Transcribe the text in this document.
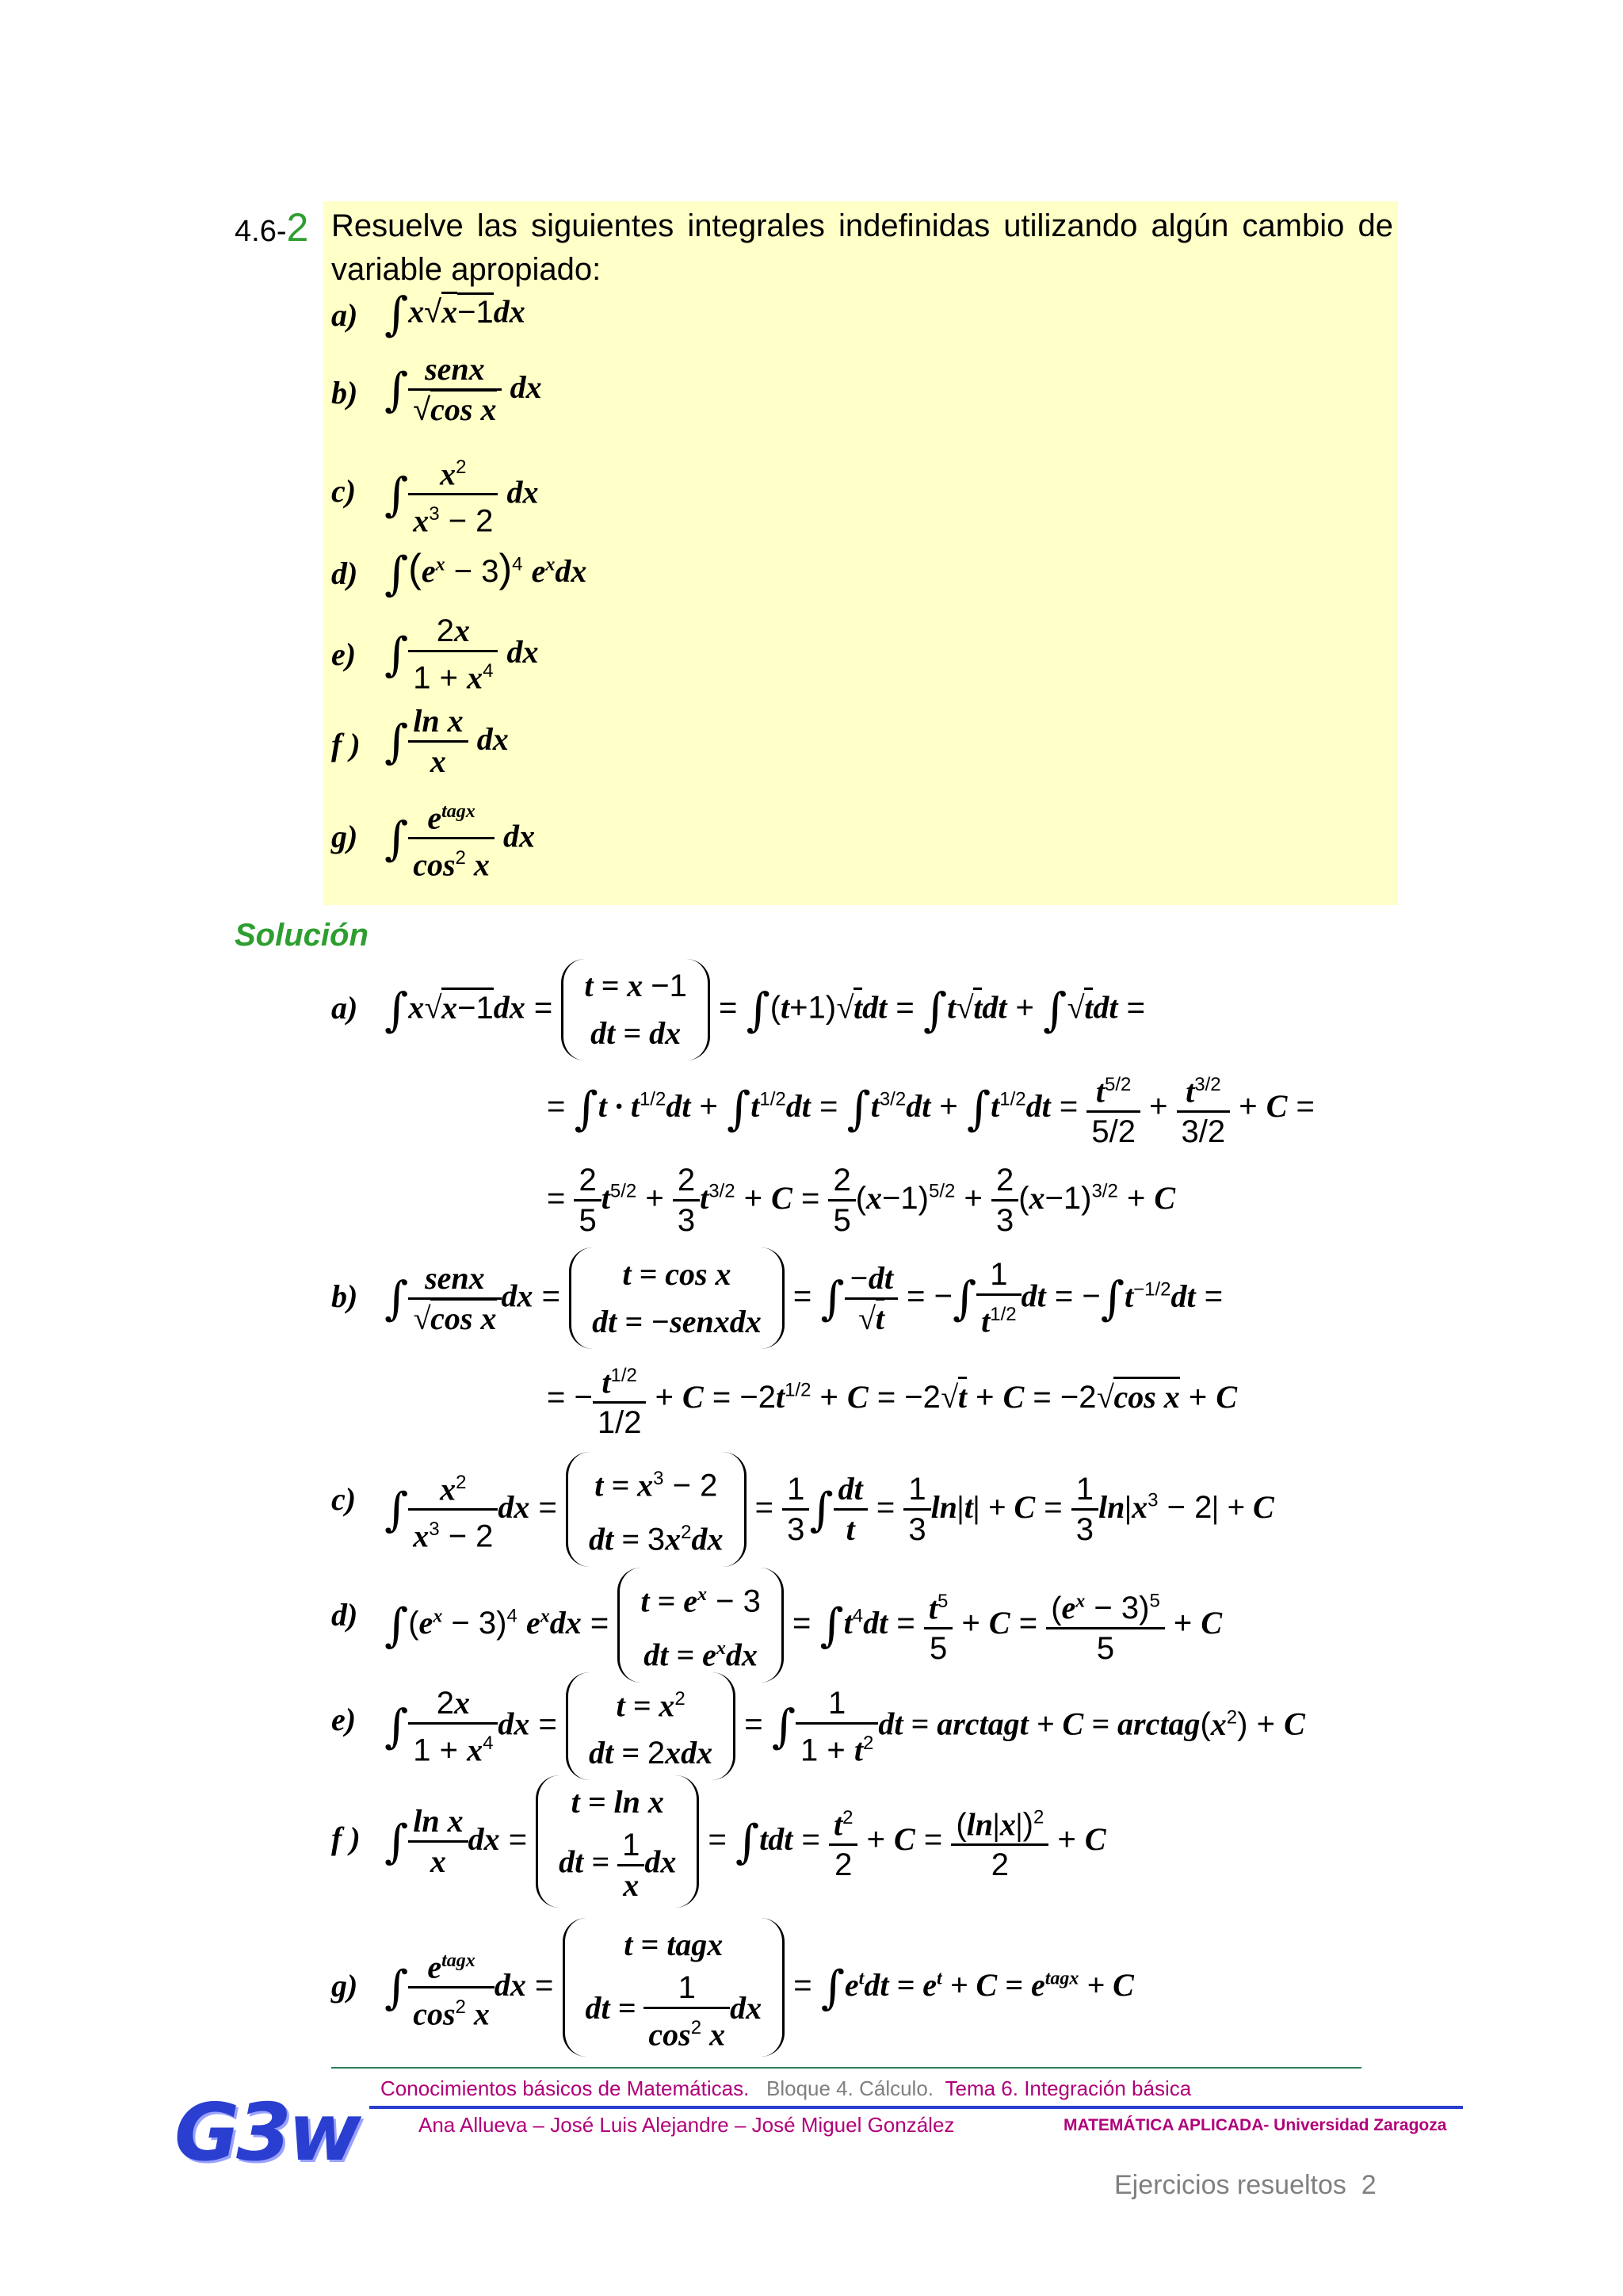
4.6-2 Resuelve las siguientes integrales indefinidas utilizando algún cambio de variable apropiado:
a) ∫x√x−1dx
b) ∫ $\frac{\text{senx}}{\text{√cos x}}$ dx
c) ∫ $\frac{x^2}{x^3 - 2}$ dx
d) $\int(e^x - 3)^4$ $e^xdx$
e) ∫ $\frac{2x}{1 + x^4}$ dx
f ) ∫ $\frac{\text{ln x}}{x}$ dx
g) ∫ $\frac{e^{tagx}}{\cos^2 x}$ dx
Solución
a) ∫x√x−1dx =
t = x −1
dt = dx
= ∫(t+1)√tdt = ∫t√tdt + ∫√tdt =
= $\int t \cdot t^{1/2}dt + \int t^{1/2}dt = \int t^{3/2}dt + \int t^{1/2}dt = \frac{t^{5/2}}{5/2} + \frac{t^{3/2}}{3/2} + C$ =
= $\frac{2}{5} t^{5/2} + \frac{2}{3} t^{3/2} + C = \frac{2}{5} (x-1)^{5/2} + \frac{2}{3} (x-1)^{3/2} + C$
b) ∫ $\frac{\text{senx}}{\text{√cos x}}$ dx =
t = cos x
dt = −senxdx
= ∫ $\frac{-dt}{√t}$ = −∫ $\frac{1}{t^{1/2}}$ dt = $-\int t^{-1/2}dt$ =
= − $\frac{t^{1/2}}{1/2} + C = -2t^{1/2} + C = -2√t + C = -2√\cos$ x + C
c) ∫ $\frac{x^2}{x^3 - 2}$ dx =
$t = x^3 - 2$
dt = $3x^2dx$
= $\frac{1}{3}$ ∫ $\frac{dt}{t} = \frac{1}{3} \ln|t| + C = \frac{1}{3} \ln|x^3 - 2| + C$
d) $\int(e^x - 3)^4$ $e^xdx$ =
$t = e^x - 3$
dt = $e^xdx$
= $\int t^4dt = \frac{t^5}{5} + C = \frac{(e^x - 3)^5}{5} + C$
e) ∫ $\frac{2x}{1 + x^4}$ dx =
$t = x^2$
dt = 2xdx
= ∫ $\frac{1}{1 + t^2}$ dt = arctagt + $C = arctag(x^2) + C$
f ) ∫ $\frac{\text{ln x}}{x}$ dx =
t = ln x
dt = $\frac{1}{x}$ dx
= $\int tdt = \frac{t^2}{2} + C = \frac{(\ln|x|)^2}{2} + C$
g) ∫ $\frac{e^{tagx}}{\cos^2 x}$ dx =
t = tagx
dt = $\frac{1}{\cos^2 x}$ dx
= $\int e^tdt = e^t + C = e^{tagx} + C$
G3w Conocimientos básicos de Matemáticas. Bloque 4. Cálculo. Tema 6. Integración básica
Ana Allueva – José Luis Alejandre – José Miguel González	MATEMÁTICA APLICADA- Universidad Zaragoza
Ejercicios resueltos 2
